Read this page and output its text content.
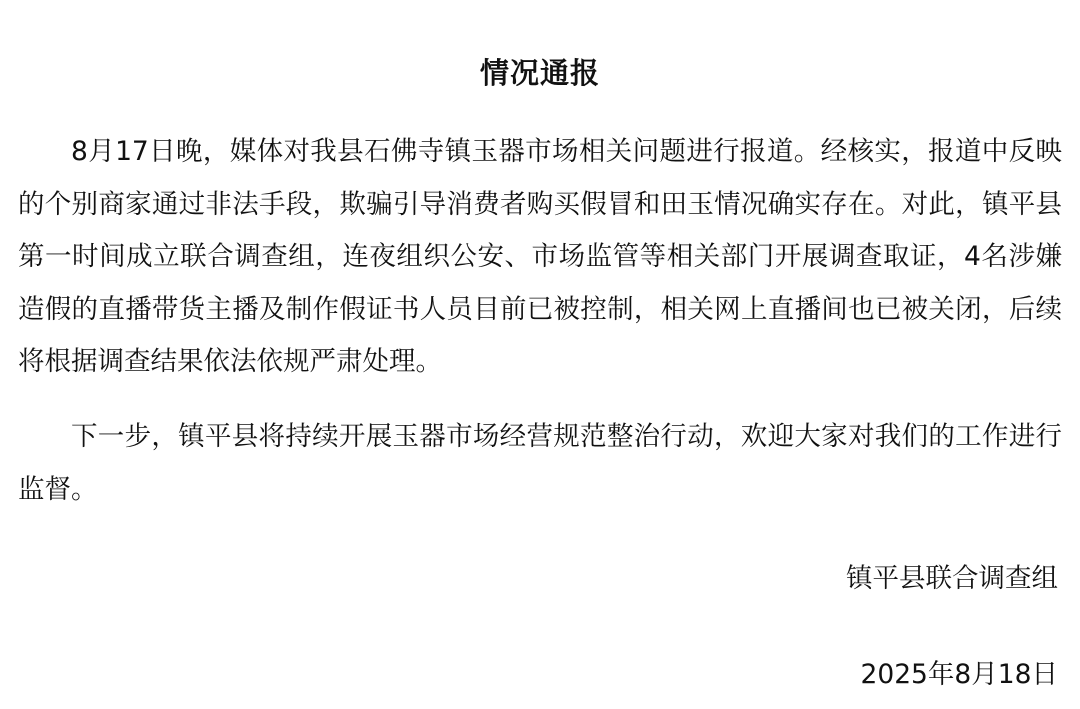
情况通报

8月17日晚，媒体对我县石佛寺镇玉器市场相关问题进行报道。经核实，报道中反映的个别商家通过非法手段，欺骗引导消费者购买假冒和田玉情况确实存在。对此，镇平县第一时间成立联合调查组，连夜组织公安、市场监管等相关部门开展调查取证，4名涉嫌造假的直播带货主播及制作假证书人员目前已被控制，相关网上直播间也已被关闭，后续将根据调查结果依法依规严肃处理。

下一步，镇平县将持续开展玉器市场经营规范整治行动，欢迎大家对我们的工作进行监督。

镇平县联合调查组
2025年8月18日
